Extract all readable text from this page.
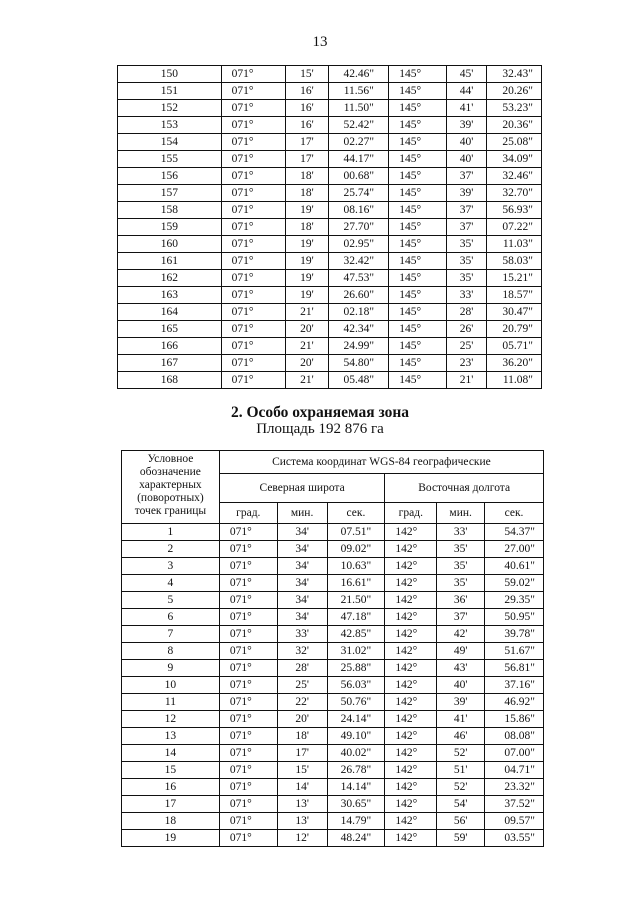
13
150	071°	15'	42.46"	145°	45'	32.43"
151	071°	16'	11.56"	145°	44'	20.26"
152	071°	16'	11.50"	145°	41'	53.23"
153	071°	16'	52.42"	145°	39'	20.36"
154	071°	17'	02.27"	145°	40'	25.08"
155	071°	17'	44.17"	145°	40'	34.09"
156	071°	18'	00.68"	145°	37'	32.46"
157	071°	18'	25.74"	145°	39'	32.70"
158	071°	19'	08.16"	145°	37'	56.93"
159	071°	18'	27.70"	145°	37'	07.22"
160	071°	19'	02.95"	145°	35'	11.03"
161	071°	19'	32.42"	145°	35'	58.03"
162	071°	19'	47.53"	145°	35'	15.21"
163	071°	19'	26.60"	145°	33'	18.57"
164	071°	21'	02.18"	145°	28'	30.47"
165	071°	20'	42.34"	145°	26'	20.79"
166	071°	21'	24.99"	145°	25'	05.71"
167	071°	20'	54.80"	145°	23'	36.20"
168	071°	21'	05.48"	145°	21'	11.08"
2. Особо охраняемая зона
Площадь 192 876 га
Условное обозначение характерных (поворотных) точек границы	Система координат WGS-84 географические					
	Северная широта			Восточная долгота		
	град.	мин.	сек.	град.	мин.	сек.
1	071°	34'	07.51"	142°	33'	54.37"
2	071°	34'	09.02"	142°	35'	27.00"
3	071°	34'	10.63"	142°	35'	40.61"
4	071°	34'	16.61"	142°	35'	59.02"
5	071°	34'	21.50"	142°	36'	29.35"
6	071°	34'	47.18"	142°	37'	50.95"
7	071°	33'	42.85"	142°	42'	39.78"
8	071°	32'	31.02"	142°	49'	51.67"
9	071°	28'	25.88"	142°	43'	56.81"
10	071°	25'	56.03"	142°	40'	37.16"
11	071°	22'	50.76"	142°	39'	46.92"
12	071°	20'	24.14"	142°	41'	15.86"
13	071°	18'	49.10"	142°	46'	08.08"
14	071°	17'	40.02"	142°	52'	07.00"
15	071°	15'	26.78"	142°	51'	04.71"
16	071°	14'	14.14"	142°	52'	23.32"
17	071°	13'	30.65"	142°	54'	37.52"
18	071°	13'	14.79"	142°	56'	09.57"
19	071°	12'	48.24"	142°	59'	03.55"
